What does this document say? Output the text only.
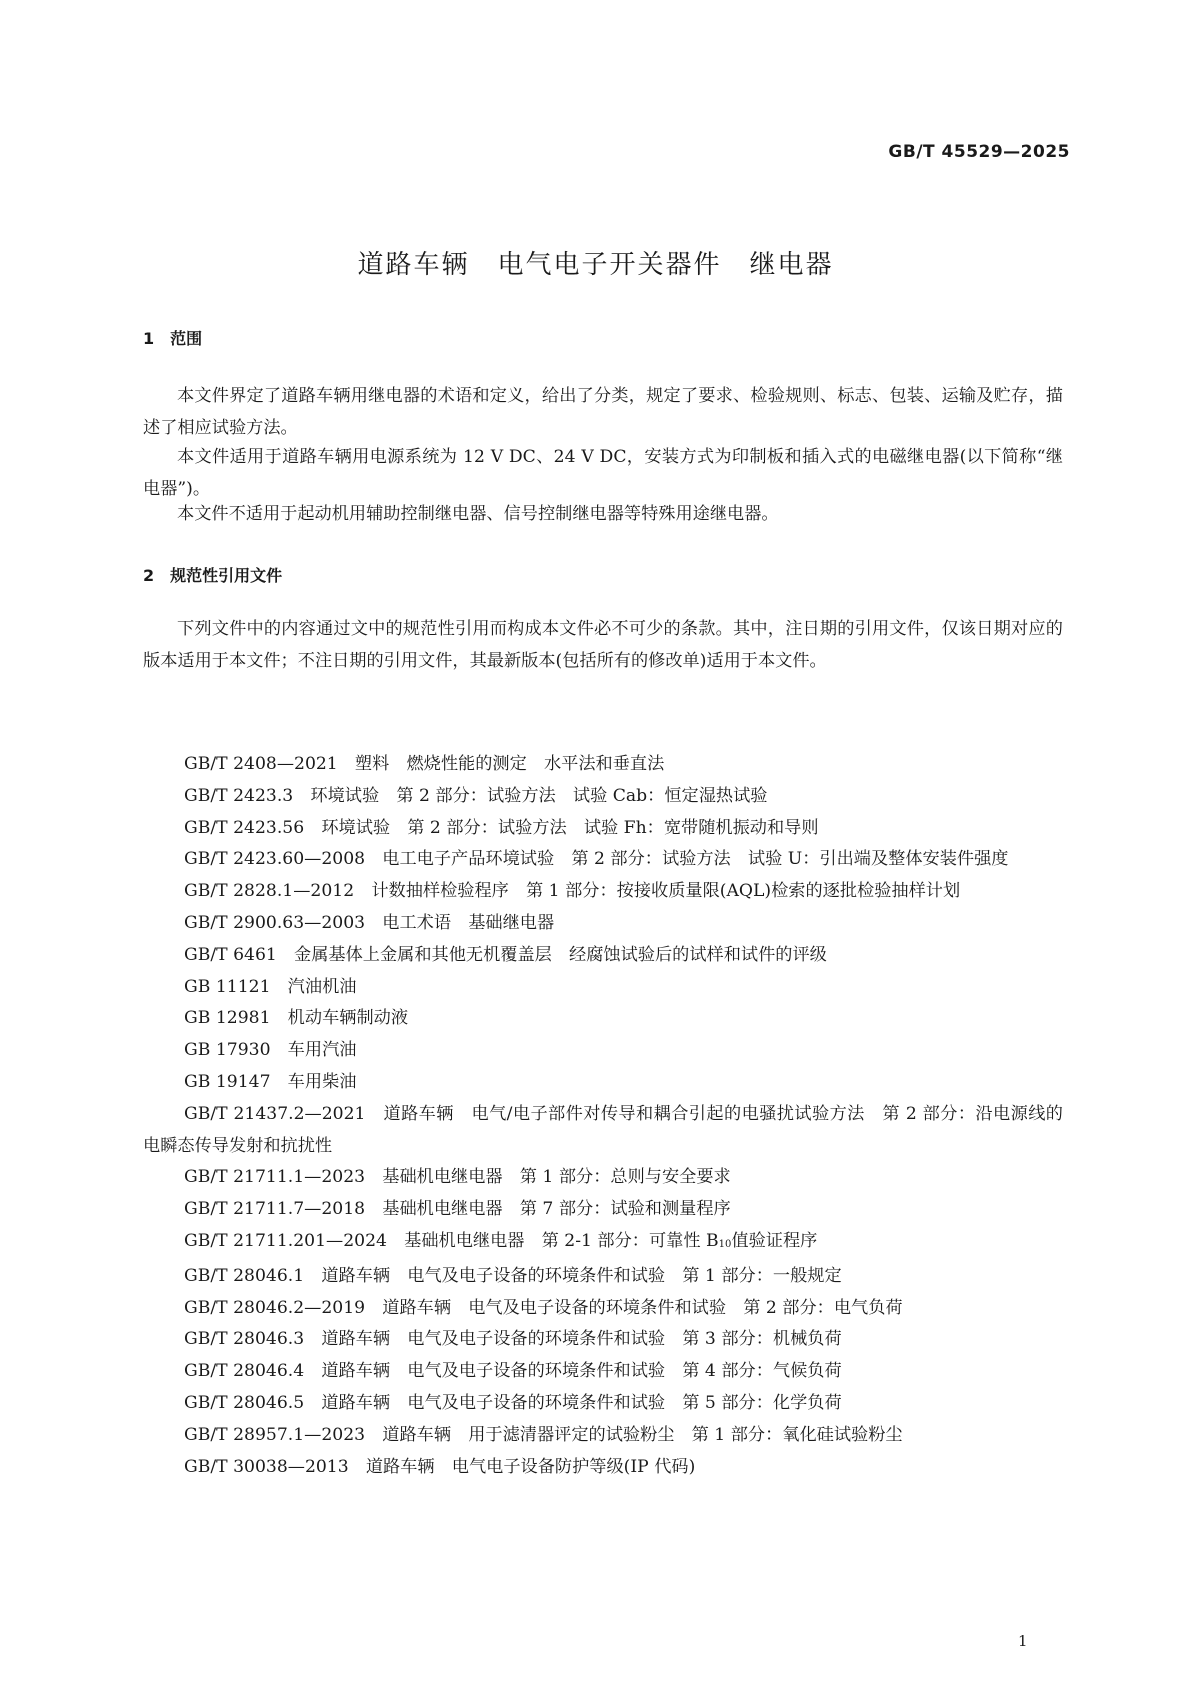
GB/T 45529—2025
道路车辆　电气电子开关器件　继电器
1　范围

本文件界定了道路车辆用继电器的术语和定义，给出了分类，规定了要求、检验规则、标志、包装、运输及贮存，描述了相应试验方法。

本文件适用于道路车辆用电源系统为 12 V DC、24 V DC，安装方式为印制板和插入式的电磁继电器(以下简称“继电器”)。

本文件不适用于起动机用辅助控制继电器、信号控制继电器等特殊用途继电器。

2　规范性引用文件

下列文件中的内容通过文中的规范性引用而构成本文件必不可少的条款。其中，注日期的引用文件，仅该日期对应的版本适用于本文件；不注日期的引用文件，其最新版本(包括所有的修改单)适用于本文件。

GB/T 2408—2021　塑料　燃烧性能的测定　水平法和垂直法

GB/T 2423.3　环境试验　第 2 部分：试验方法　试验 Cab：恒定湿热试验

GB/T 2423.56　环境试验　第 2 部分：试验方法　试验 Fh：宽带随机振动和导则

GB/T 2423.60—2008　电工电子产品环境试验　第 2 部分：试验方法　试验 U：引出端及整体安装件强度

GB/T 2828.1—2012　计数抽样检验程序　第 1 部分：按接收质量限(AQL)检索的逐批检验抽样计划

GB/T 2900.63—2003　电工术语　基础继电器

GB/T 6461　金属基体上金属和其他无机覆盖层　经腐蚀试验后的试样和试件的评级

GB 11121　汽油机油

GB 12981　机动车辆制动液

GB 17930　车用汽油

GB 19147　车用柴油

GB/T 21437.2—2021　道路车辆　电气/电子部件对传导和耦合引起的电骚扰试验方法　第 2 部分：沿电源线的电瞬态传导发射和抗扰性

GB/T 21711.1—2023　基础机电继电器　第 1 部分：总则与安全要求

GB/T 21711.7—2018　基础机电继电器　第 7 部分：试验和测量程序

GB/T 21711.201—2024　基础机电继电器　第 2-1 部分：可靠性 $B_{10}$值验证程序

GB/T 28046.1　道路车辆　电气及电子设备的环境条件和试验　第 1 部分：一般规定

GB/T 28046.2—2019　道路车辆　电气及电子设备的环境条件和试验　第 2 部分：电气负荷

GB/T 28046.3　道路车辆　电气及电子设备的环境条件和试验　第 3 部分：机械负荷

GB/T 28046.4　道路车辆　电气及电子设备的环境条件和试验　第 4 部分：气候负荷

GB/T 28046.5　道路车辆　电气及电子设备的环境条件和试验　第 5 部分：化学负荷

GB/T 28957.1—2023　道路车辆　用于滤清器评定的试验粉尘　第 1 部分：氧化硅试验粉尘

GB/T 30038—2013　道路车辆　电气电子设备防护等级(IP 代码)

1
